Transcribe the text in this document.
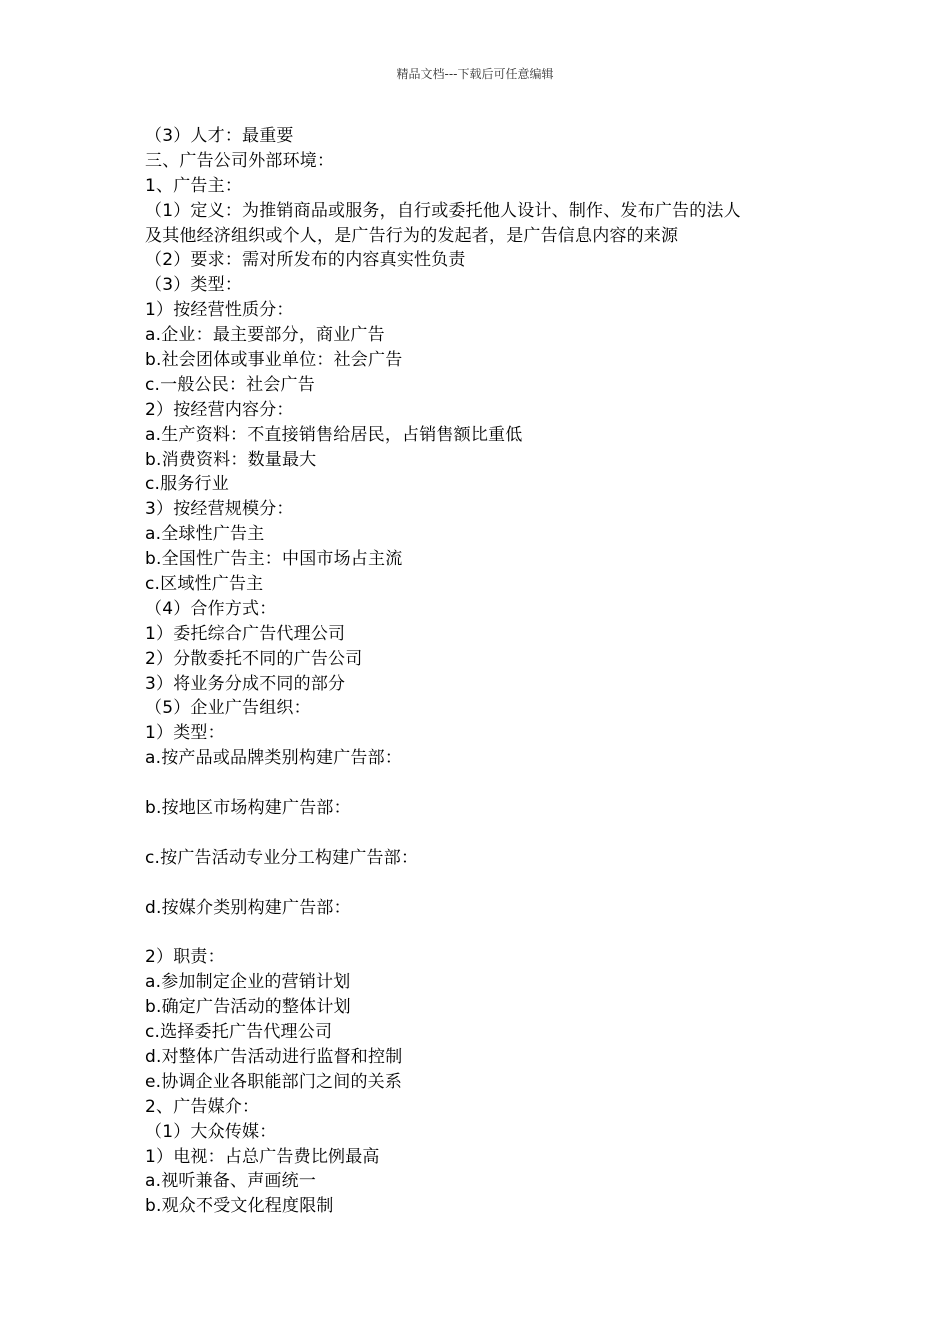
精品文档---下载后可任意编辑
（3）人才：最重要
三、广告公司外部环境：
1、广告主：
（1）定义：为推销商品或服务，自行或委托他人设计、制作、发布广告的法人
及其他经济组织或个人，是广告行为的发起者，是广告信息内容的来源
（2）要求：需对所发布的内容真实性负责
（3）类型：
1）按经营性质分：
a.企业：最主要部分，商业广告
b.社会团体或事业单位：社会广告
c.一般公民：社会广告
2）按经营内容分：
a.生产资料：不直接销售给居民，占销售额比重低
b.消费资料：数量最大
c.服务行业
3）按经营规模分：
a.全球性广告主
b.全国性广告主：中国市场占主流
c.区域性广告主
（4）合作方式：
1）委托综合广告代理公司
2）分散委托不同的广告公司
3）将业务分成不同的部分
（5）企业广告组织：
1）类型：
a.按产品或品牌类别构建广告部：
b.按地区市场构建广告部：
c.按广告活动专业分工构建广告部：
d.按媒介类别构建广告部：
2）职责：
a.参加制定企业的营销计划
b.确定广告活动的整体计划
c.选择委托广告代理公司
d.对整体广告活动进行监督和控制
e.协调企业各职能部门之间的关系
2、广告媒介：
（1）大众传媒：
1）电视：占总广告费比例最高
a.视听兼备、声画统一
b.观众不受文化程度限制
